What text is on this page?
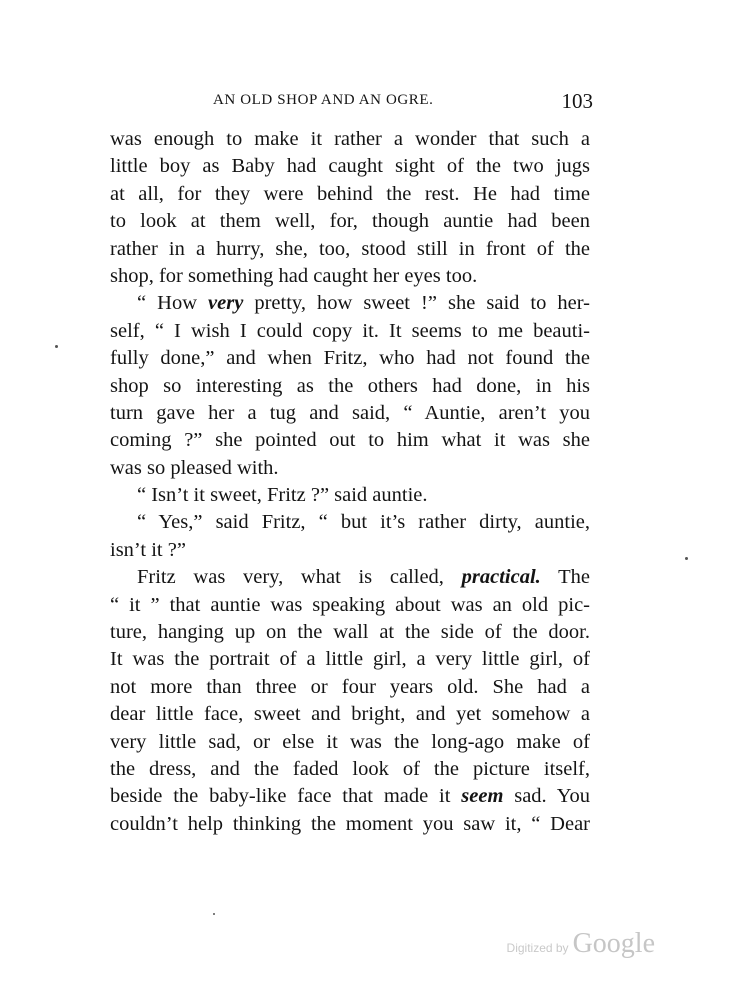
AN OLD SHOP AND AN OGRE.	103
was enough to make it rather a wonder that such a
little boy as Baby had caught sight of the two jugs
at all, for they were behind the rest. He had time
to look at them well, for, though auntie had been
rather in a hurry, she, too, stood still in front of the
shop, for something had caught her eyes too.
“ How very pretty, how sweet !” she said to her-
self, “ I wish I could copy it. It seems to me beauti-
fully done,” and when Fritz, who had not found the
shop so interesting as the others had done, in his
turn gave her a tug and said, “ Auntie, aren’t you
coming ?” she pointed out to him what it was she
was so pleased with.
“ Isn’t it sweet, Fritz ?” said auntie.
“ Yes,” said Fritz, “ but it’s rather dirty, auntie,
isn’t it ?”
Fritz was very, what is called, practical. The
“ it ” that auntie was speaking about was an old pic-
ture, hanging up on the wall at the side of the door.
It was the portrait of a little girl, a very little girl, of
not more than three or four years old. She had a
dear little face, sweet and bright, and yet somehow a
very little sad, or else it was the long-ago make of
the dress, and the faded look of the picture itself,
beside the baby-like face that made it seem sad. You
couldn’t help thinking the moment you saw it, “ Dear
Digitized by Google
